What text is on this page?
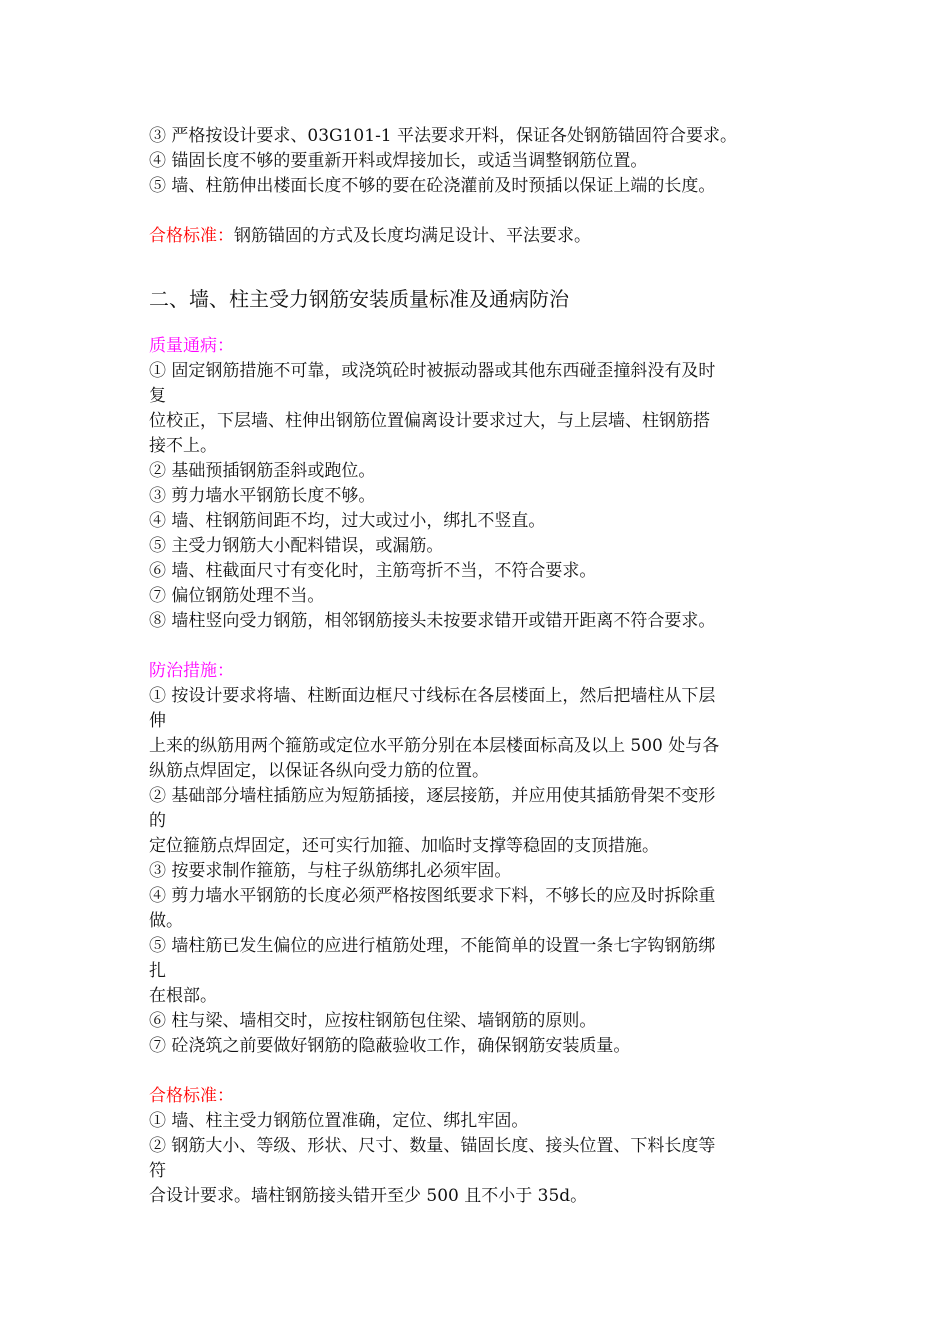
③ 严格按设计要求、03G101-1 平法要求开料，保证各处钢筋锚固符合要求。
④ 锚固长度不够的要重新开料或焊接加长，或适当调整钢筋位置。
⑤ 墙、柱筋伸出楼面长度不够的要在砼浇灌前及时预插以保证上端的长度。
合格标准：钢筋锚固的方式及长度均满足设计、平法要求。
二、墙、柱主受力钢筋安装质量标准及通病防治
质量通病：
① 固定钢筋措施不可靠，或浇筑砼时被振动器或其他东西碰歪撞斜没有及时
复
位校正，下层墙、柱伸出钢筋位置偏离设计要求过大，与上层墙、柱钢筋搭
接不上。
② 基础预插钢筋歪斜或跑位。
③ 剪力墙水平钢筋长度不够。
④ 墙、柱钢筋间距不均，过大或过小，绑扎不竖直。
⑤ 主受力钢筋大小配料错误，或漏筋。
⑥ 墙、柱截面尺寸有变化时，主筋弯折不当，不符合要求。
⑦ 偏位钢筋处理不当。
⑧ 墙柱竖向受力钢筋，相邻钢筋接头未按要求错开或错开距离不符合要求。
防治措施：
① 按设计要求将墙、柱断面边框尺寸线标在各层楼面上，然后把墙柱从下层
伸
上来的纵筋用两个箍筋或定位水平筋分别在本层楼面标高及以上 500 处与各
纵筋点焊固定，以保证各纵向受力筋的位置。
② 基础部分墙柱插筋应为短筋插接，逐层接筋，并应用使其插筋骨架不变形
的
定位箍筋点焊固定，还可实行加箍、加临时支撑等稳固的支顶措施。
③ 按要求制作箍筋，与柱子纵筋绑扎必须牢固。
④ 剪力墙水平钢筋的长度必须严格按图纸要求下料，不够长的应及时拆除重
做。
⑤ 墙柱筋已发生偏位的应进行植筋处理，不能简单的设置一条七字钩钢筋绑
扎
在根部。
⑥ 柱与梁、墙相交时，应按柱钢筋包住梁、墙钢筋的原则。
⑦ 砼浇筑之前要做好钢筋的隐蔽验收工作，确保钢筋安装质量。
合格标准：
① 墙、柱主受力钢筋位置准确，定位、绑扎牢固。
② 钢筋大小、等级、形状、尺寸、数量、锚固长度、接头位置、下料长度等
符
合设计要求。墙柱钢筋接头错开至少 500 且不小于 35d。
